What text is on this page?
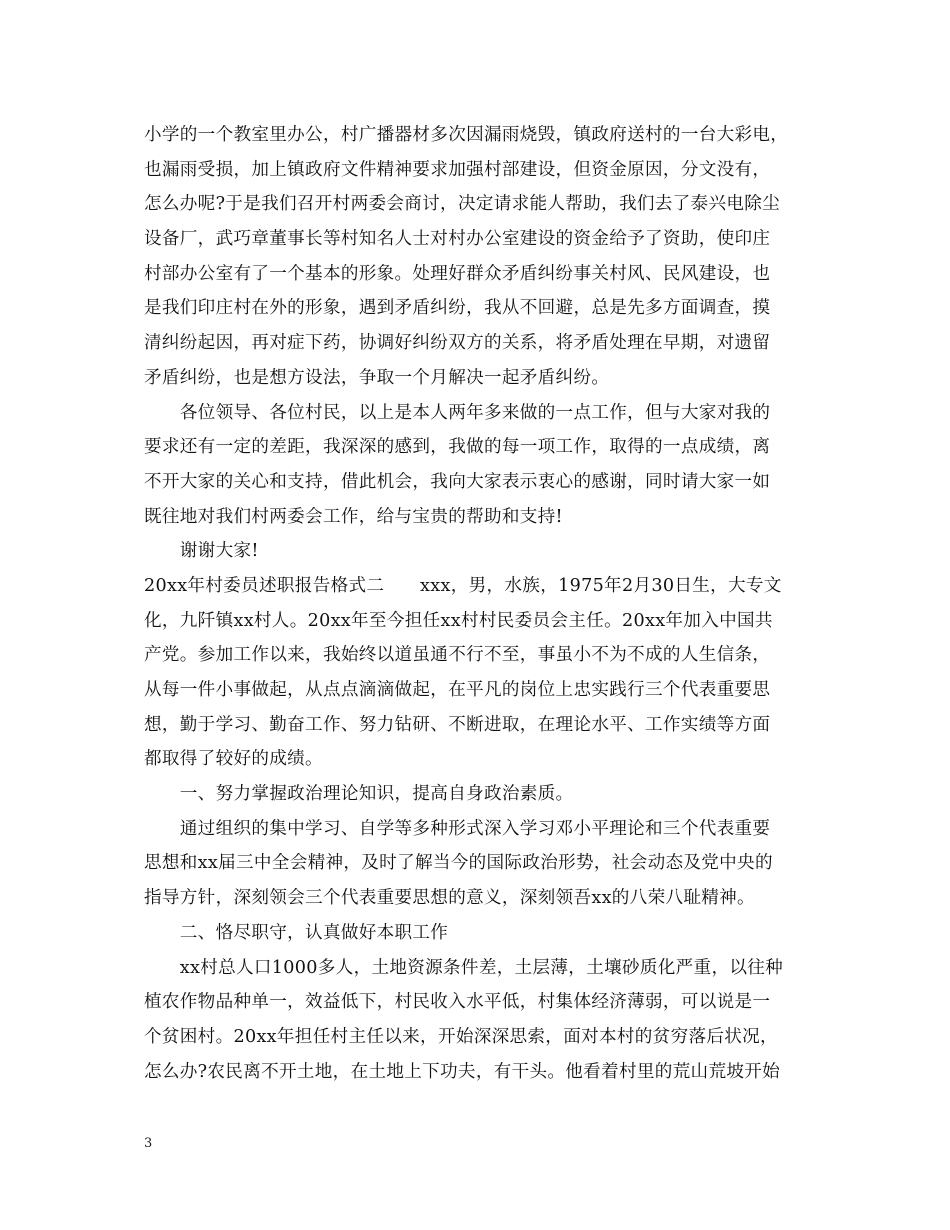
小学的一个教室里办公，村广播器材多次因漏雨烧毁，镇政府送村的一台大彩电，
也漏雨受损，加上镇政府文件精神要求加强村部建设，但资金原因，分文没有，
怎么办呢?于是我们召开村两委会商讨，决定请求能人帮助，我们去了泰兴电除尘
设备厂，武巧章董事长等村知名人士对村办公室建设的资金给予了资助，使印庄
村部办公室有了一个基本的形象。处理好群众矛盾纠纷事关村风、民风建设，也
是我们印庄村在外的形象，遇到矛盾纠纷，我从不回避，总是先多方面调查，摸
清纠纷起因，再对症下药，协调好纠纷双方的关系，将矛盾处理在早期，对遗留
矛盾纠纷，也是想方设法，争取一个月解决一起矛盾纠纷。
　　各位领导、各位村民，以上是本人两年多来做的一点工作，但与大家对我的
要求还有一定的差距，我深深的感到，我做的每一项工作，取得的一点成绩，离
不开大家的关心和支持，借此机会，我向大家表示衷心的感谢，同时请大家一如
既往地对我们村两委会工作，给与宝贵的帮助和支持!
　　谢谢大家!
20xx年村委员述职报告格式二　　xxx，男，水族，1975年2月30日生，大专文
化，九阡镇xx村人。20xx年至今担任xx村村民委员会主任。20xx年加入中国共
产党。参加工作以来，我始终以道虽通不行不至，事虽小不为不成的人生信条，
从每一件小事做起，从点点滴滴做起，在平凡的岗位上忠实践行三个代表重要思
想，勤于学习、勤奋工作、努力钻研、不断进取，在理论水平、工作实绩等方面
都取得了较好的成绩。
　　一、努力掌握政治理论知识，提高自身政治素质。
　　通过组织的集中学习、自学等多种形式深入学习邓小平理论和三个代表重要
思想和xx届三中全会精神，及时了解当今的国际政治形势，社会动态及党中央的
指导方针，深刻领会三个代表重要思想的意义，深刻领吾xx的八荣八耻精神。
　　二、恪尽职守，认真做好本职工作
　　xx村总人口1000多人，土地资源条件差，土层薄，土壤砂质化严重，以往种
植农作物品种单一，效益低下，村民收入水平低，村集体经济薄弱，可以说是一
个贫困村。20xx年担任村主任以来，开始深深思索，面对本村的贫穷落后状况，
怎么办?农民离不开土地，在土地上下功夫，有干头。他看着村里的荒山荒坡开始
3
